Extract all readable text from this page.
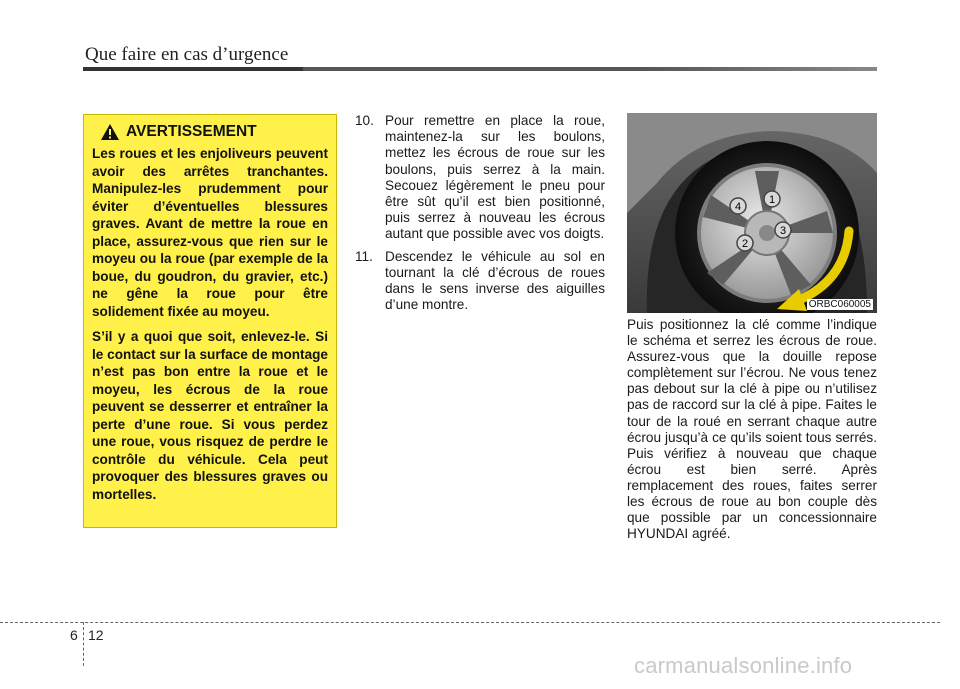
Que faire en cas d’urgence
AVERTISSEMENT

Les roues et les enjoliveurs peuvent avoir des arrêtes tranchantes. Manipulez-les prudemment pour éviter d’éventuelles blessures graves. Avant de mettre la roue en place, assurez-vous que rien sur le moyeu ou la roue (par exemple de la boue, du goudron, du gravier, etc.) ne gêne la roue pour être solidement fixée au moyeu.

S’il y a quoi que soit, enlevez-le. Si le contact sur la surface de montage n’est pas bon entre la roue et le moyeu, les écrous de la roue peuvent se desserrer et entraîner la perte d’une roue. Si vous perdez une roue, vous risquez de perdre le contrôle du véhicule. Cela peut provoquer des blessures graves ou mortelles.

10. Pour remettre en place la roue, maintenez-la sur les boulons, mettez les écrous de roue sur les boulons, puis serrez à la main. Secouez légèrement le pneu pour être sût qu’il est bien positionné, puis serrez à nouveau les écrous autant que possible avec vos doigts.
11. Descendez le véhicule au sol en tournant la clé d’écrous de roues dans le sens inverse des aiguilles d’une montre.
1
2
3
4
ORBC060005

Puis positionnez la clé comme l’indique le schéma et serrez les écrous de roue. Assurez-vous que la douille repose complètement sur l’écrou. Ne vous tenez pas debout sur la clé à pipe ou n’utilisez pas de raccord sur la clé à pipe. Faites le tour de la roué en serrant chaque autre écrou jusqu’à ce qu’ils soient tous serrés. Puis vérifiez à nouveau que chaque écrou est bien serré. Après remplacement des roues, faites serrer les écrous de roue au bon couple dès que possible par un concessionnaire HYUNDAI agréé.

6 12
carmanualsonline.info
